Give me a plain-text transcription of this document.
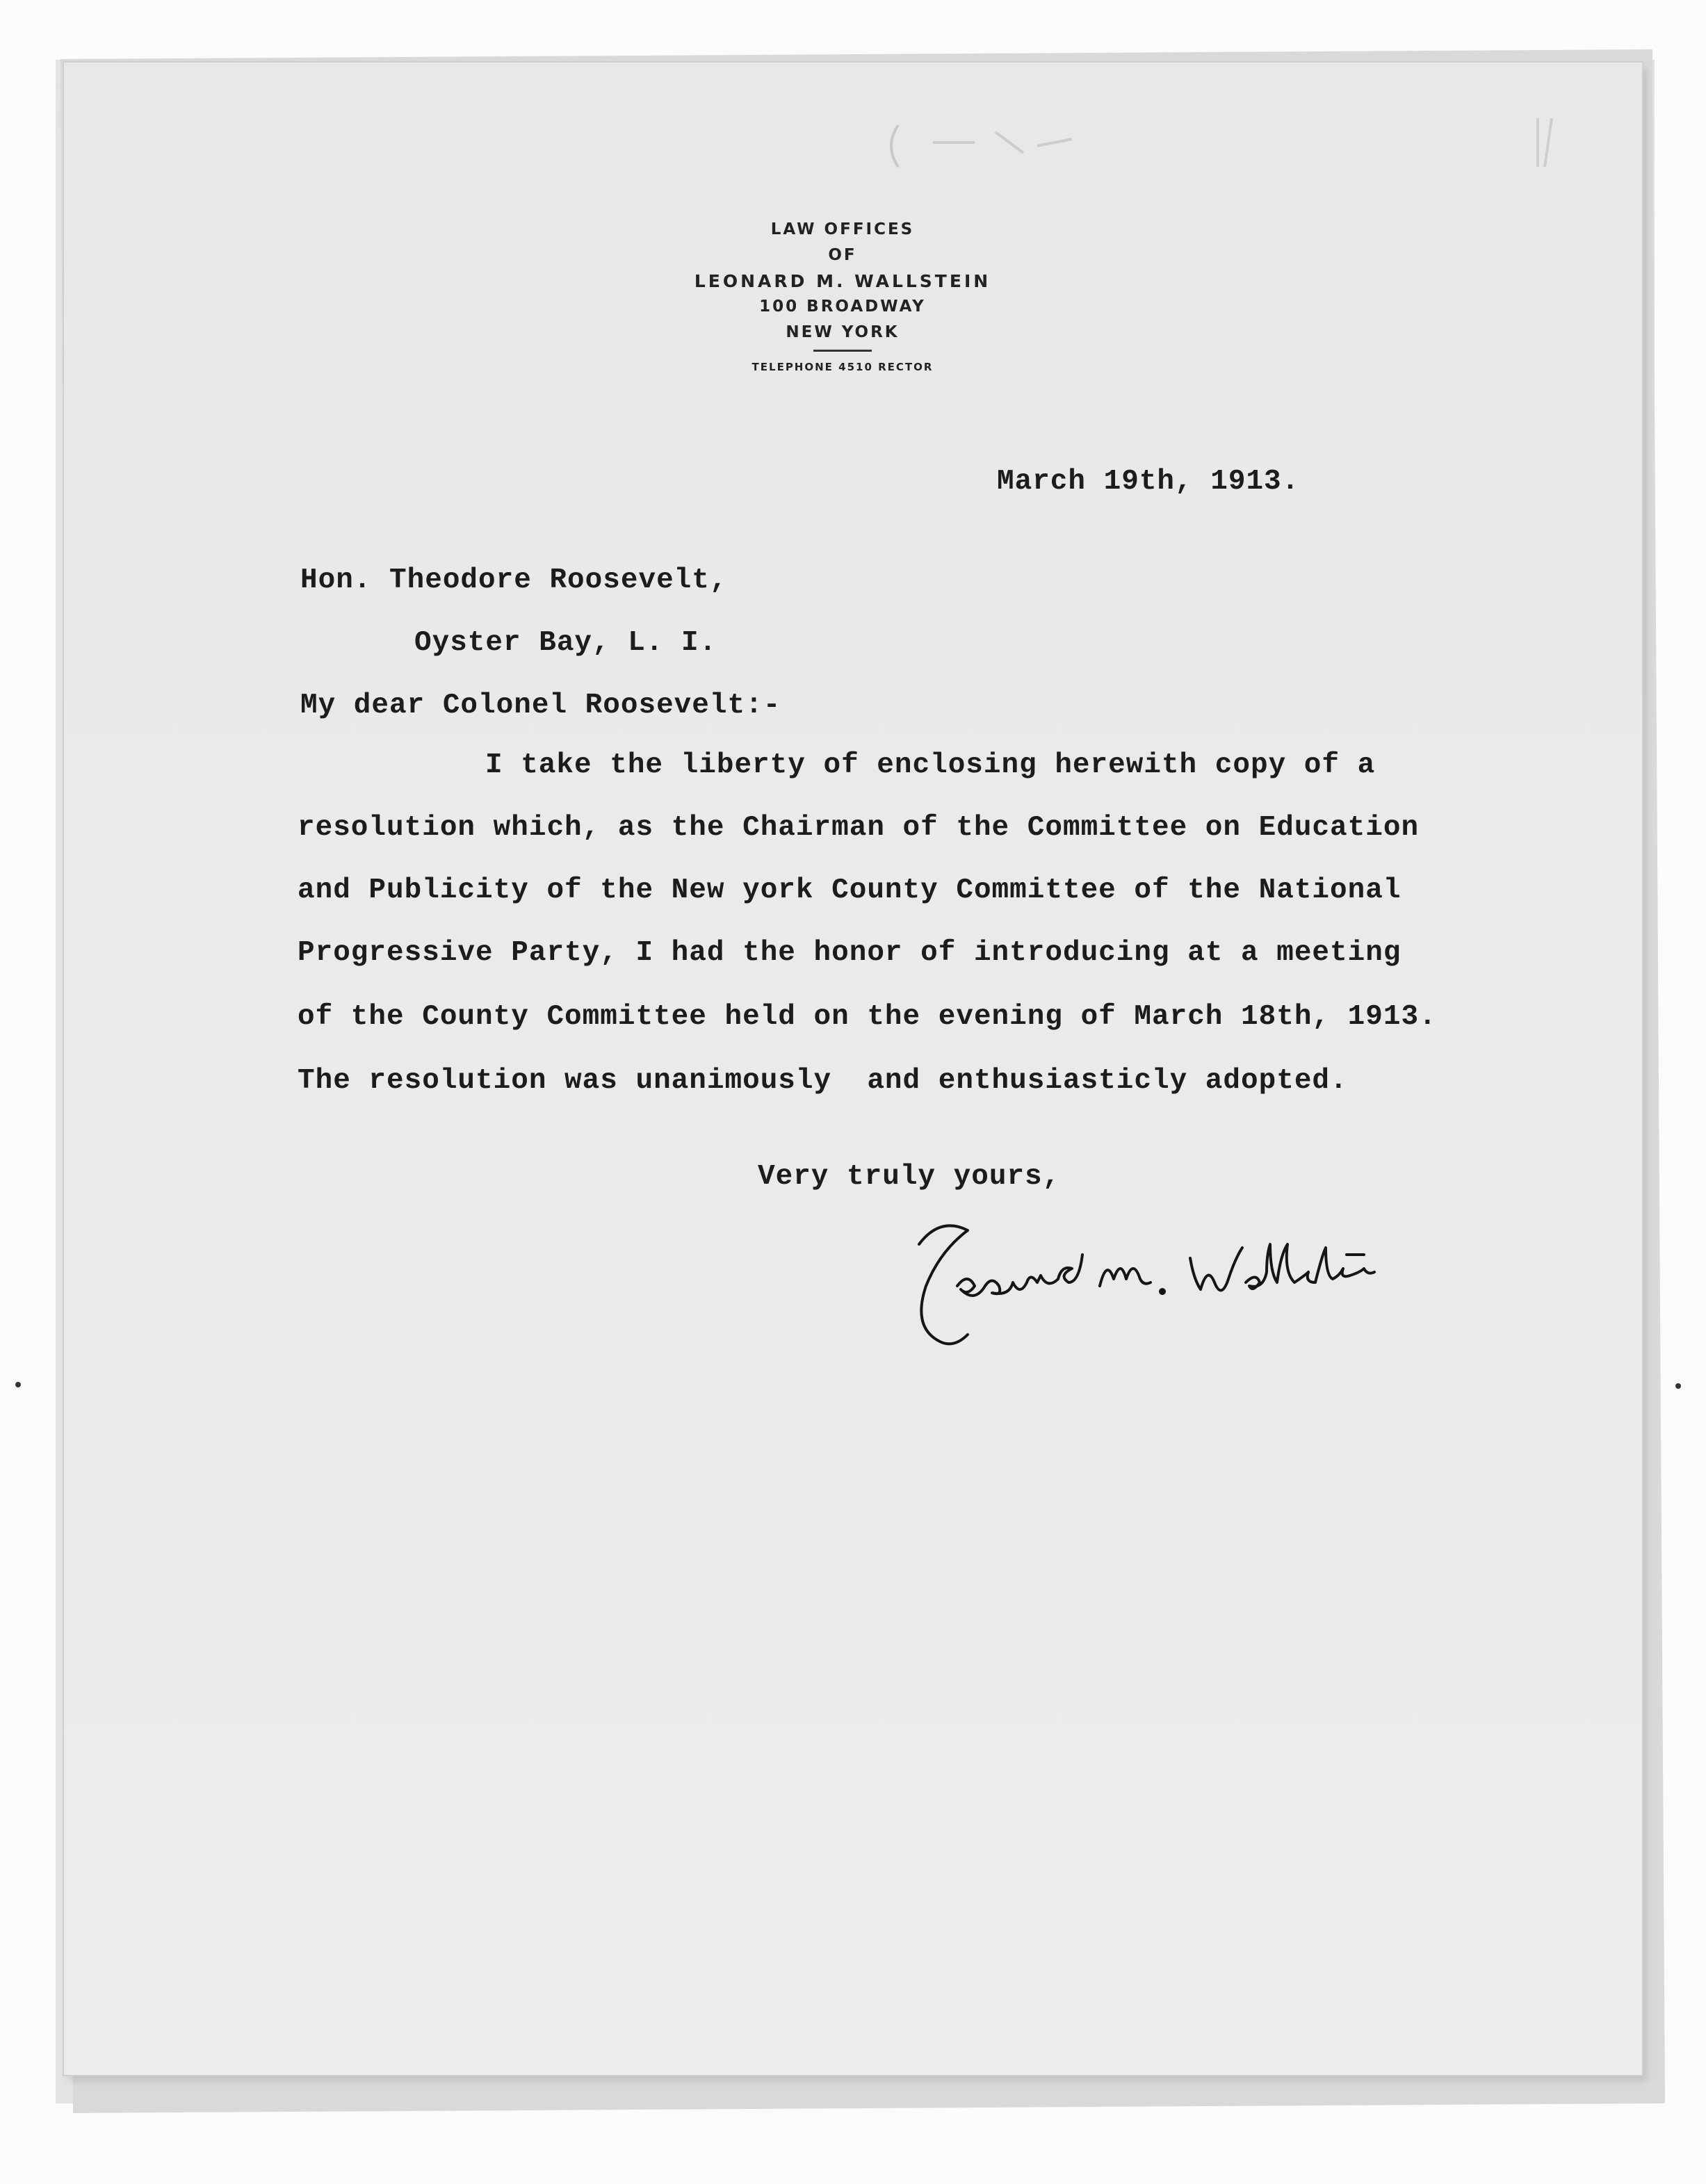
LAW OFFICES
OF
LEONARD M. WALLSTEIN
100 BROADWAY
NEW YORK
TELEPHONE 4510 RECTOR
March 19th, 1913.
Hon. Theodore Roosevelt,
Oyster Bay, L. I.
My dear Colonel Roosevelt:-
I take the liberty of enclosing herewith copy of a
resolution which, as the Chairman of the Committee on Education
and Publicity of the New york County Committee of the National
Progressive Party, I had the honor of introducing at a meeting
of the County Committee held on the evening of March 18th, 1913.
The resolution was unanimously  and enthusiasticly adopted.
Very truly yours,
